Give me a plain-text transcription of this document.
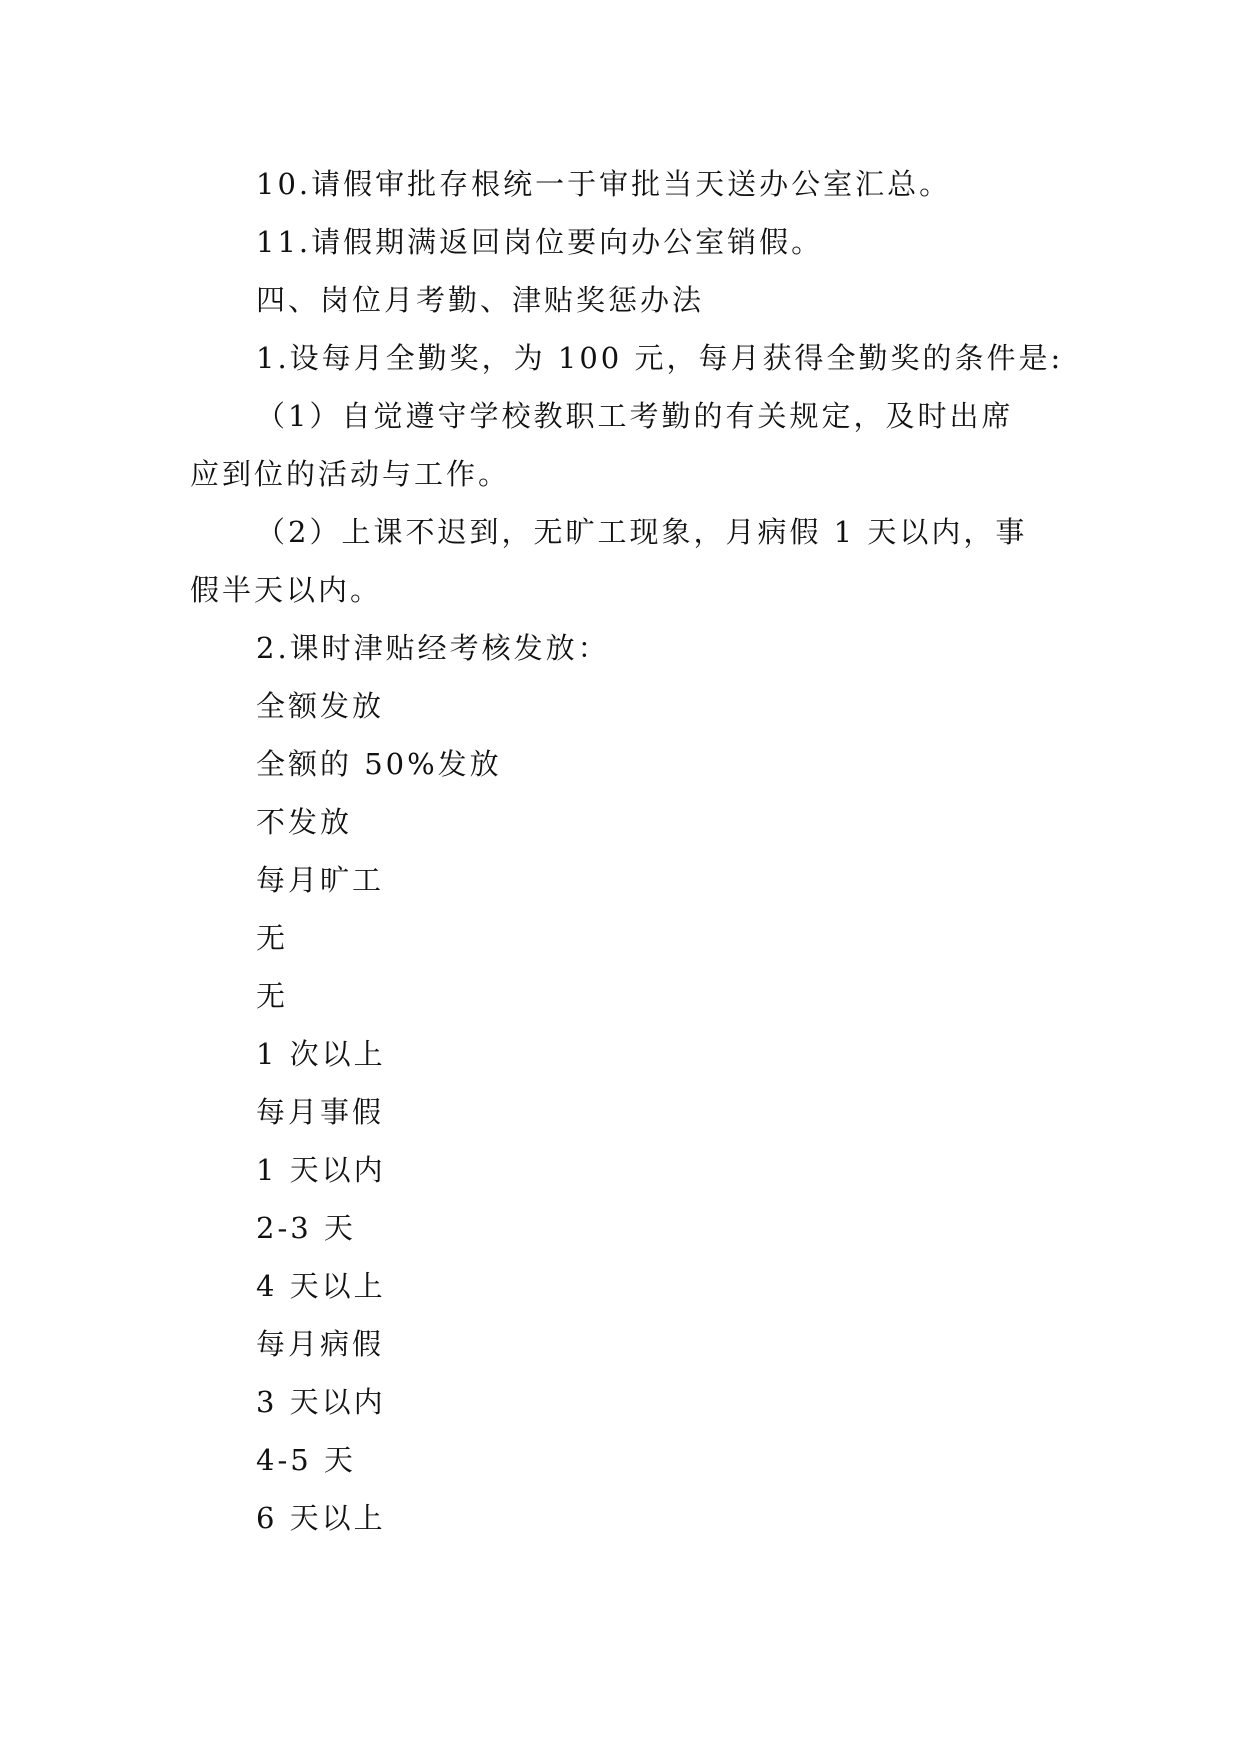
10.请假审批存根统一于审批当天送办公室汇总。
11.请假期满返回岗位要向办公室销假。
四、岗位月考勤、津贴奖惩办法
1.设每月全勤奖，为 100 元，每月获得全勤奖的条件是:
（1）自觉遵守学校教职工考勤的有关规定，及时出席
应到位的活动与工作。
（2）上课不迟到，无旷工现象，月病假 1 天以内，事
假半天以内。
2.课时津贴经考核发放：
全额发放
全额的 50%发放
不发放
每月旷工
无
无
1 次以上
每月事假
1 天以内
2-3 天
4 天以上
每月病假
3 天以内
4-5 天
6 天以上
